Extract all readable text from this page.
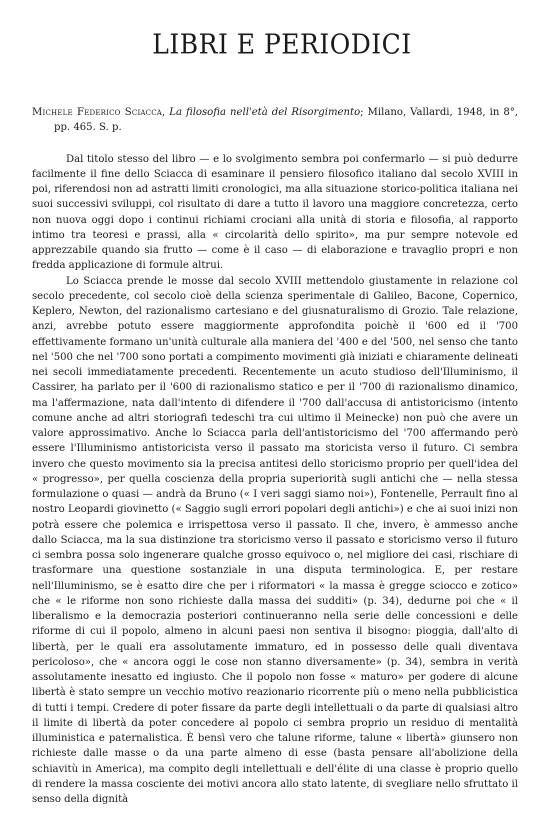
LIBRI E PERIODICI
Michele Federico Sciacca, La filosofia nell'età del Risorgimento; Milano, Vallardi, 1948, in 8°, pp. 465. S. p.

Dal titolo stesso del libro — e lo svolgimento sembra poi confermarlo — si può dedurre facilmente il fine dello Sciacca di esaminare il pensiero filosofico italiano dal secolo XVIII in poi, riferendosi non ad astratti limiti cronologici, ma alla situazione storico-politica italiana nei suoi successivi sviluppi, col risultato di dare a tutto il lavoro una maggiore concretezza, certo non nuova oggi dopo i continui richiami crociani alla unità di storia e filosofia, al rapporto intimo tra teoresi e prassi, alla « circolarità dello spirito», ma pur sempre notevole ed apprezzabile quando sia frutto — come è il caso — di elaborazione e travaglio propri e non fredda applicazione di formule altrui.

Lo Sciacca prende le mosse dal secolo XVIII mettendolo giustamente in relazione col secolo precedente, col secolo cioè della scienza sperimentale di Galileo, Bacone, Copernico, Keplero, Newton, del razionalismo cartesiano e del giusnaturalismo di Grozio. Tale relazione, anzi, avrebbe potuto essere maggiormente approfondita poichè il '600 ed il '700 effettivamente formano un'unità culturale alla maniera del '400 e del '500, nel senso che tanto nel '500 che nel '700 sono portati a compimento movimenti già iniziati e chiaramente delineati nei secoli immediatamente precedenti. Recentemente un acuto studioso dell'Illuminismo, il Cassirer, ha parlato per il '600 di razionalismo statico e per il '700 di razionalismo dinamico, ma l'affermazione, nata dall'intento di difendere il '700 dall'accusa di antistoricismo (intento comune anche ad altri storiografi tedeschi tra cui ultimo il Meinecke) non può che avere un valore approssimativo. Anche lo Sciacca parla dell'antistoricismo del '700 affermando però essere l'Illuminismo antistoricista verso il passato ma storicista verso il futuro. Ci sembra invero che questo movimento sia la precisa antitesi dello storicismo proprio per quell'idea del « progresso», per quella coscienza della propria superiorità sugli antichi che — nella stessa formulazione o quasi — andrà da Bruno (« I veri saggi siamo noi»), Fontenelle, Perrault fino al nostro Leopardi giovinetto (« Saggio sugli errori popolari degli antichi») e che ai suoi inizi non potrà essere che polemica e irrispettosa verso il passato. Il che, invero, è ammesso anche dallo Sciacca, ma la sua distinzione tra storicismo verso il passato e storicismo verso il futuro ci sembra possa solo ingenerare qualche grosso equivoco o, nel migliore dei casi, rischiare di trasformare una questione sostanziale in una disputa terminologica. E, per restare nell'Illuminismo, se è esatto dire che per i riformatori « la massa è gregge sciocco e zotico» che « le riforme non sono richieste dalla massa dei sudditi» (p. 34), dedurne poi che « il liberalismo e la democrazia posteriori continueranno nella serie delle concessioni e delle riforme di cui il popolo, almeno in alcuni paesi non sentiva il bisogno: pioggia, dall'alto di libertà, per le quali era assolutamente immaturo, ed in possesso delle quali diventava pericoloso», che « ancora oggi le cose non stanno diversamente» (p. 34), sembra in verità assolutamente inesatto ed ingiusto. Che il popolo non fosse « maturo» per godere di alcune libertà è stato sempre un vecchio motivo reazionario ricorrente più o meno nella pubblicistica di tutti i tempi. Credere di poter fissare da parte degli intellettuali o da parte di qualsiasi altro il limite di libertà da poter concedere al popolo ci sembra proprio un residuo di mentalità illuministica e paternalistica. È bensì vero che talune riforme, talune « libertà» giunsero non richieste dalle masse o da una parte almeno di esse (basta pensare all'abolizione della schiavitù in America), ma compito degli intellettuali e dell'élite di una classe è proprio quello di rendere la massa cosciente dei motivi ancora allo stato latente, di svegliare nello sfruttato il senso della dignità
